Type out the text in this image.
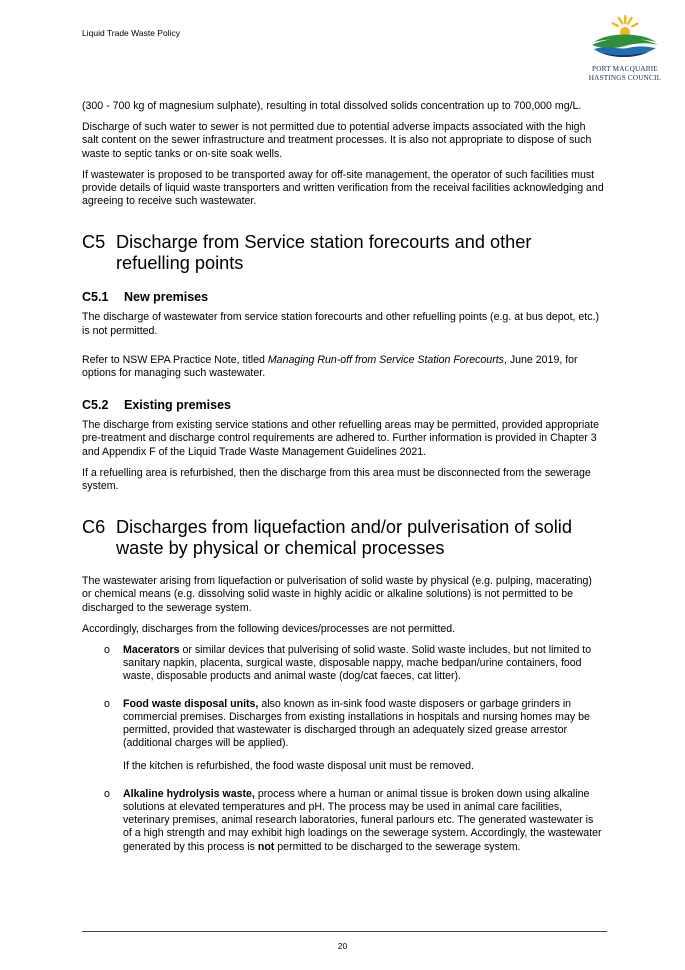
Liquid Trade Waste Policy
PORT MACQUARIE
HASTINGS COUNCIL

(300 - 700 kg of magnesium sulphate), resulting in total dissolved solids concentration up to 700,000 mg/L.

Discharge of such water to sewer is not permitted due to potential adverse impacts associated with the high salt content on the sewer infrastructure and treatment processes. It is also not appropriate to dispose of such waste to septic tanks or on-site soak wells.

If wastewater is proposed to be transported away for off-site management, the operator of such facilities must provide details of liquid waste transporters and written verification from the receival facilities acknowledging and agreeing to receive such wastewater.

C5 Discharge from Service station forecourts and other refuelling points
C5.1 New premises

The discharge of wastewater from service station forecourts and other refuelling points (e.g. at bus depot, etc.) is not permitted.

Refer to NSW EPA Practice Note, titled Managing Run-off from Service Station Forecourts, June 2019, for options for managing such wastewater.

C5.2 Existing premises

The discharge from existing service stations and other refuelling areas may be permitted, provided appropriate pre-treatment and discharge control requirements are adhered to. Further information is provided in Chapter 3 and Appendix F of the Liquid Trade Waste Management Guidelines 2021.

If a refuelling area is refurbished, then the discharge from this area must be disconnected from the sewerage system.

C6 Discharges from liquefaction and/or pulverisation of solid waste by physical or chemical processes

The wastewater arising from liquefaction or pulverisation of solid waste by physical (e.g. pulping, macerating) or chemical means (e.g. dissolving solid waste in highly acidic or alkaline solutions) is not permitted to be discharged to the sewerage system.

Accordingly, discharges from the following devices/processes are not permitted.

o Macerators or similar devices that pulverising of solid waste. Solid waste includes, but not limited to sanitary napkin, placenta, surgical waste, disposable nappy, mache bedpan/urine containers, food waste, disposable products and animal waste (dog/cat faeces, cat litter).

o Food waste disposal units, also known as in-sink food waste disposers or garbage grinders in commercial premises. Discharges from existing installations in hospitals and nursing homes may be permitted, provided that wastewater is discharged through an adequately sized grease arrestor (additional charges will be applied).

If the kitchen is refurbished, the food waste disposal unit must be removed.

o Alkaline hydrolysis waste, process where a human or animal tissue is broken down using alkaline solutions at elevated temperatures and pH. The process may be used in animal care facilities, veterinary premises, animal research laboratories, funeral parlours etc. The generated wastewater is of a high strength and may exhibit high loadings on the sewerage system. Accordingly, the wastewater generated by this process is not permitted to be discharged to the sewerage system.

20
